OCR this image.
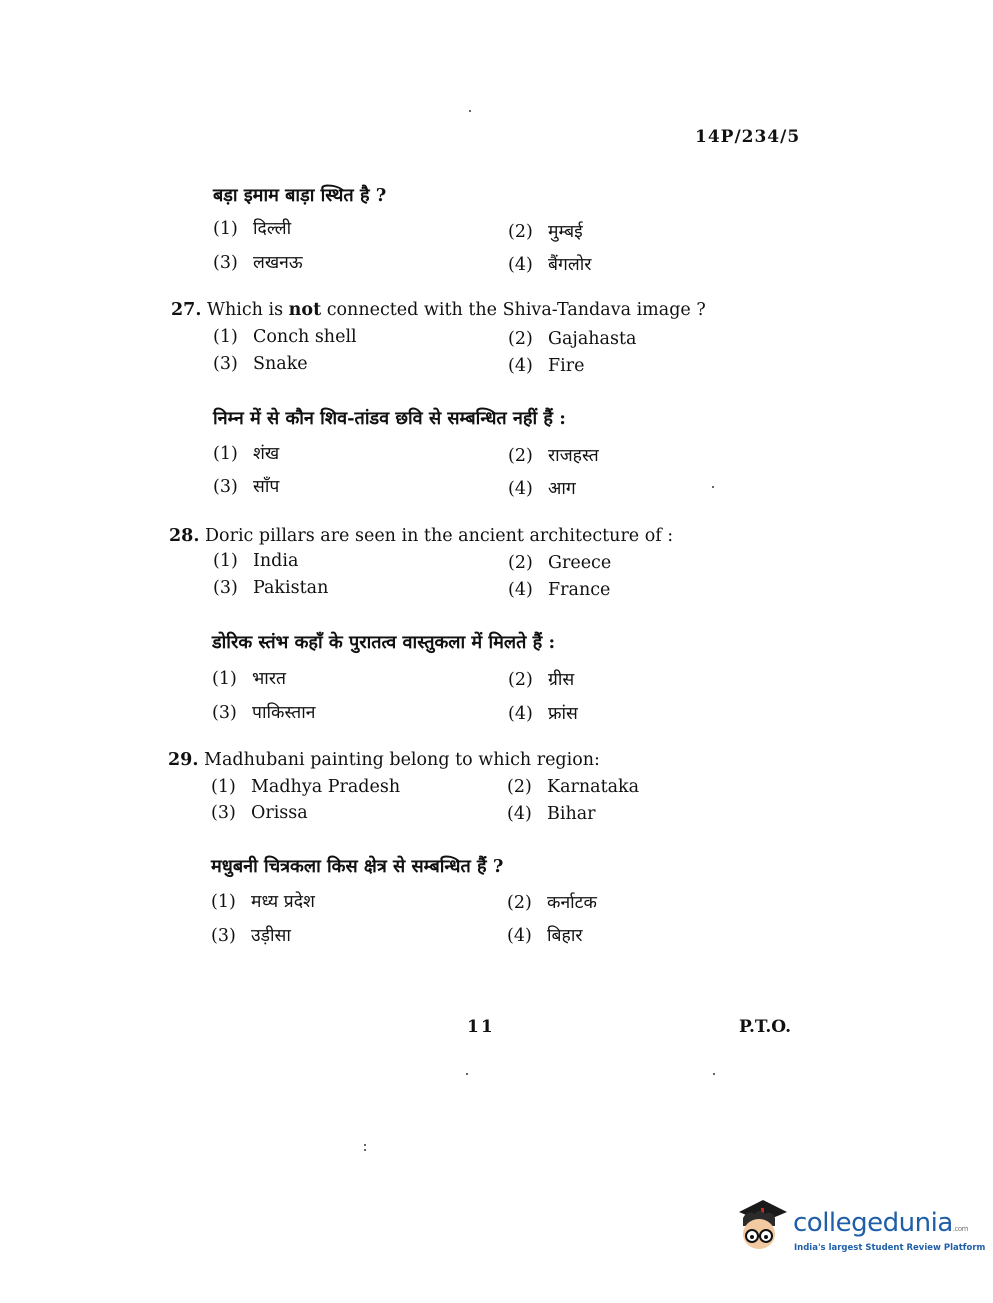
14P/234/5
बड़ा इमाम बाड़ा स्थित है ?
(1) दिल्ली	(2) मुम्बई
(3) लखनऊ	(4) बैंगलोर
27. Which is not connected with the Shiva-Tandava image ?
(1) Conch shell	(2) Gajahasta
(3) Snake	(4) Fire
निम्न में से कौन शिव-तांडव छवि से सम्बन्धित नहीं हैं :
(1) शंख	(2) राजहस्त
(3) साँप	(4) आग
28. Doric pillars are seen in the ancient architecture of :
(1) India	(2) Greece
(3) Pakistan	(4) France
डोरिक स्तंभ कहाँ के पुरातत्व वास्तुकला में मिलते हैं :
(1) भारत	(2) ग्रीस
(3) पाकिस्तान	(4) फ्रांस
29. Madhubani painting belong to which region:
(1) Madhya Pradesh	(2) Karnataka
(3) Orissa	(4) Bihar
मधुबनी चित्रकला किस क्षेत्र से सम्बन्धित हैं ?
(1) मध्य प्रदेश	(2) कर्नाटक
(3) उड़ीसा	(4) बिहार
11	P.T.O.
collegedunia.com
India's largest Student Review Platform
